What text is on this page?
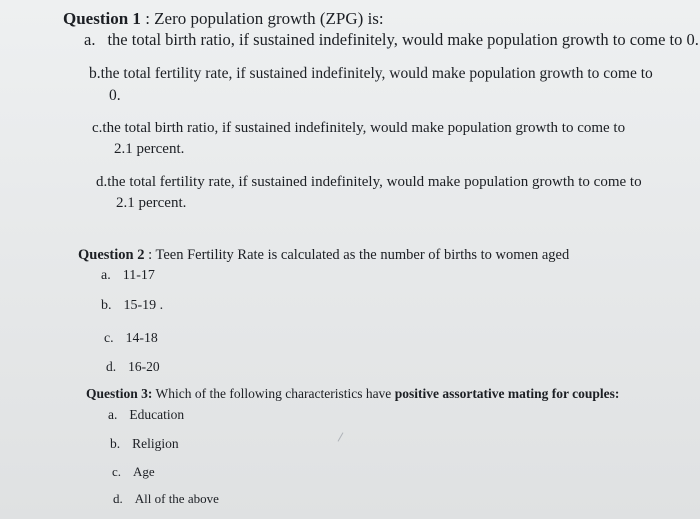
Question 1 : Zero population growth (ZPG) is:
a. the total birth ratio, if sustained indefinitely, would make population growth to come to 0.
b.the total fertility rate, if sustained indefinitely, would make population growth to come to
0.
c.the total birth ratio, if sustained indefinitely, would make population growth to come to
2.1 percent.
d.the total fertility rate, if sustained indefinitely, would make population growth to come to
2.1 percent.
Question 2 : Teen Fertility Rate is calculated as the number of births to women aged
a. 11-17
b. 15-19 .
c. 14-18
d. 16-20
Question 3: Which of the following characteristics have positive assortative mating for couples:
a. Education
b. Religion
c. Age
d. All of the above
